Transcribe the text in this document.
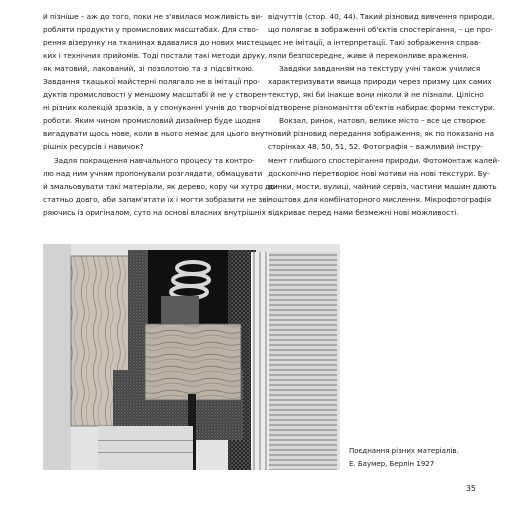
й пізніше – аж до того, поки не з'явилася можливість ви-
робляти продукти у промислових масштабах. Для ство-
рення візерунку на тканинах вдавалися до нових мистець-
ких і технічних прийомів. Тоді постали такі методи друку,
як матовий, лакований, зі позолотою та з підсвіткою.
Завдання ткацької майстерні полягало не в імітації про-
дуктів промисловості у меншому масштабі й не у створен-
ні різних колекцій зразків, а у спонуканні учнів до творчої
роботи. Яким чином промисловий дизайнер буде щодня
вигадувати щось нове, коли в нього немає для цього внут-
рішніх ресурсів і навичок?
Задля покращення навчального процесу та контро-
лю над ним учням пропонували розглядати, обмацувати
й змальовувати такі матеріали, як дерево, кору чи хутро до-
статньо довго, аби запам'ятати їх і могти зобразити не зві-
ряючись із оригіналом, суто на основі власних внутрішніх
відчуттів (стор. 40, 44). Такий різновид вивчення природи,
що полягає в зображенні об'єктів спостерігання, – це про-
цес не імітації, а інтерпретації. Такі зображення справ-
ляли безпосереднє, живе й переконливе враження.
Завдяки завданням на текстуру учні також училися
характеризувати явища природи через призму цих самих
текстур, які би інакше вони ніколи й не пізнали. Цілісно
відтворене різноманіття об'єктів набирає форми текстури.
Вокзал, ринок, натовп, велике місто – все це створює
новий різновид передання зображення, як по показано на
сторінках 48, 50, 51, 52. Фотографія – важливий інстру-
мент глибшого спостерігання природи. Фотомонтаж калей-
доскопічно перетворює нові мотиви на нові текстури. Бу-
динки, мости, вулиці, чайний сервіз, частини машин дають
поштовх для комбінаторного мислення. Мікрофотографія
відкриває перед нами безмежні нові можливості.
Поєднання різних матеріалів.
Е. Баумер, Берлін 1927
35
